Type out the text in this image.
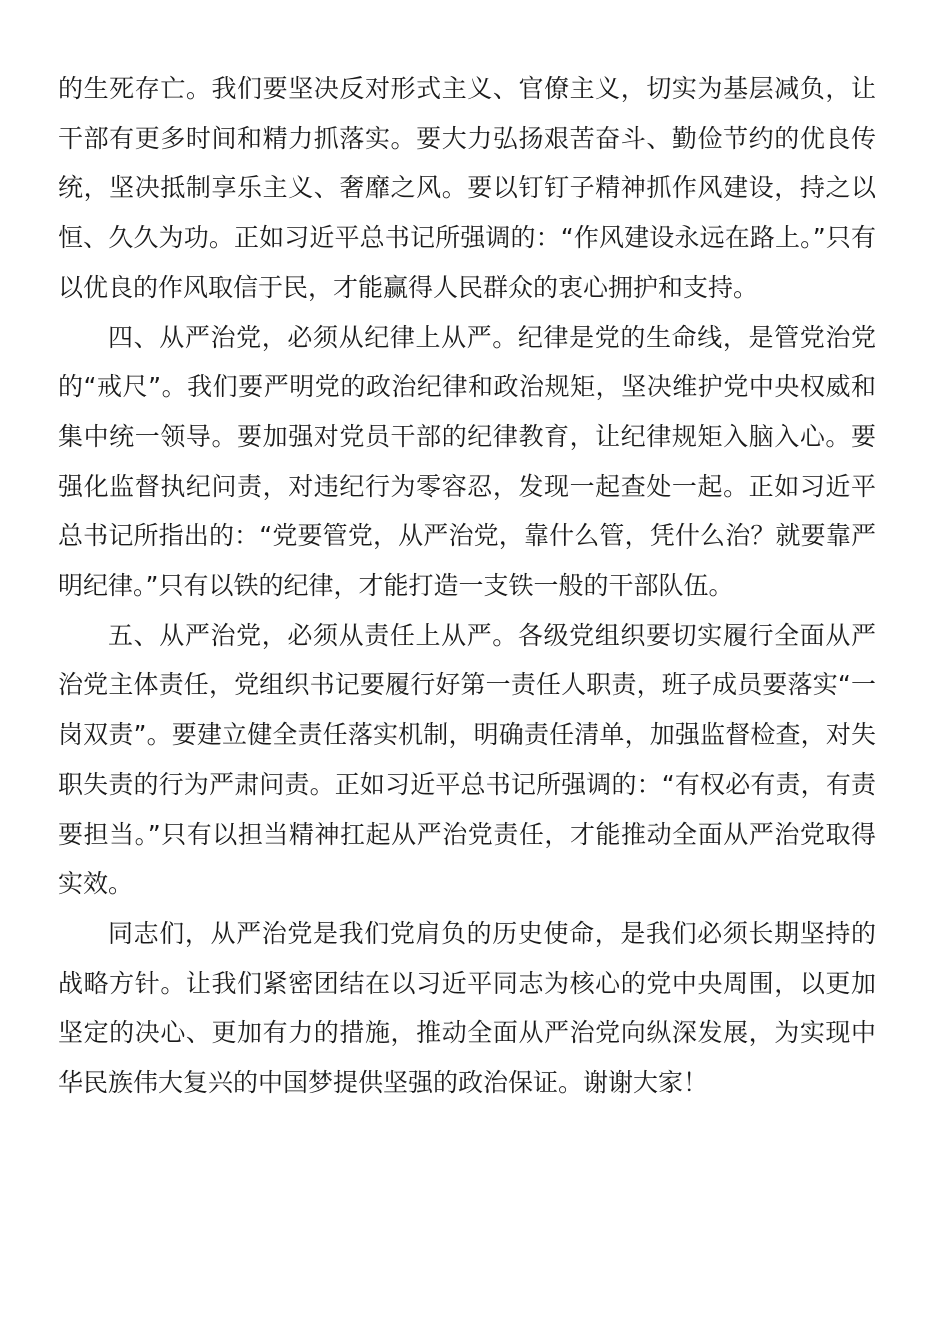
的生死存亡。我们要坚决反对形式主义、官僚主义，切实为基层减负，让干部有更多时间和精力抓落实。要大力弘扬艰苦奋斗、勤俭节约的优良传统，坚决抵制享乐主义、奢靡之风。要以钉钉子精神抓作风建设，持之以恒、久久为功。正如习近平总书记所强调的：“作风建设永远在路上。”只有以优良的作风取信于民，才能赢得人民群众的衷心拥护和支持。

四、从严治党，必须从纪律上从严。纪律是党的生命线，是管党治党的“戒尺”。我们要严明党的政治纪律和政治规矩，坚决维护党中央权威和集中统一领导。要加强对党员干部的纪律教育，让纪律规矩入脑入心。要强化监督执纪问责，对违纪行为零容忍，发现一起查处一起。正如习近平总书记所指出的：“党要管党，从严治党，靠什么管，凭什么治？就要靠严明纪律。”只有以铁的纪律，才能打造一支铁一般的干部队伍。

五、从严治党，必须从责任上从严。各级党组织要切实履行全面从严治党主体责任，党组织书记要履行好第一责任人职责，班子成员要落实“一岗双责”。要建立健全责任落实机制，明确责任清单，加强监督检查，对失职失责的行为严肃问责。正如习近平总书记所强调的：“有权必有责，有责要担当。”只有以担当精神扛起从严治党责任，才能推动全面从严治党取得实效。

同志们，从严治党是我们党肩负的历史使命，是我们必须长期坚持的战略方针。让我们紧密团结在以习近平同志为核心的党中央周围，以更加坚定的决心、更加有力的措施，推动全面从严治党向纵深发展，为实现中华民族伟大复兴的中国梦提供坚强的政治保证。谢谢大家！
